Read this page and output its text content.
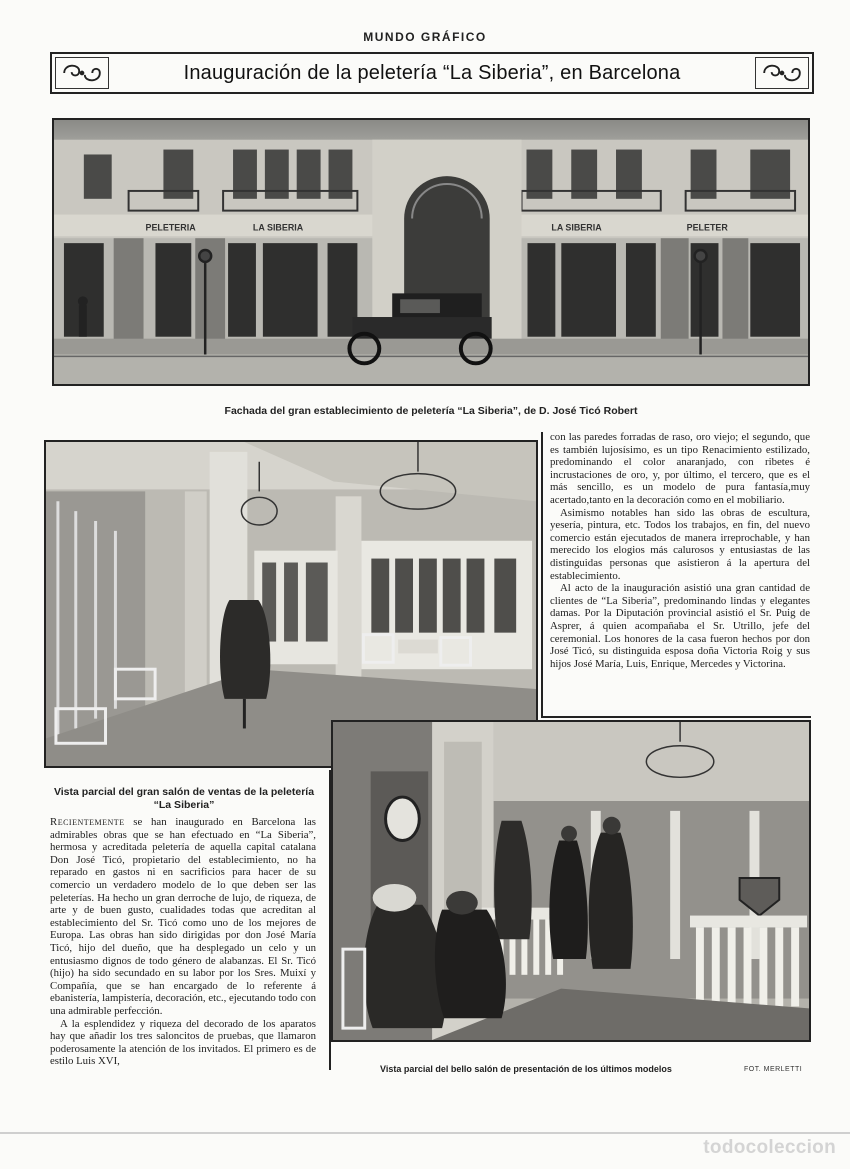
MUNDO GRÁFICO
Inauguración de la peletería “La Siberia”, en Barcelona
PELETERIA	LA SIBERIA	LA SIBERIA	PELETER
Fachada del gran establecimiento de peletería “La Siberia”, de D. José Ticó Robert

con las paredes forradas de raso, oro viejo; el segundo, que es también lujosísimo, es un tipo Renacimiento estilizado, predominando el color anaranjado, con ribetes é incrustaciones de oro, y, por último, el tercero, que es el más sencillo, es un modelo de pura fantasía,muy acertado,tanto en la decoración como en el mobiliario.

Asimismo notables han sido las obras de escultura, yesería, pintura, etc. Todos los trabajos, en fin, del nuevo comercio están ejecutados de manera irreprochable, y han merecido los elogios más calurosos y entusiastas de las distinguidas personas que asistieron á la apertura del establecimiento.

Al acto de la inauguración asistió una gran cantidad de clientes de “La Siberia”, predominando lindas y elegantes damas. Por la Diputación provincial asistió el Sr. Puig de Asprer, á quien acompañaba el Sr. Utrillo, jefe del ceremonial. Los honores de la casa fueron hechos por don José Ticó, su distinguida esposa doña Victoria Roig y sus hijos José María, Luis, Enrique, Mercedes y Victorina.

Vista parcial del gran salón de ventas de la peletería
“La Siberia”

Recientemente se han inaugurado en Barcelona las admirables obras que se han efectuado en “La Siberia”, hermosa y acreditada peletería de aquella capital catalana Don José Ticó, propietario del establecimiento, no ha reparado en gastos ni en sacrificios para hacer de su comercio un verdadero modelo de lo que deben ser las peleterías. Ha hecho un gran derroche de lujo, de riqueza, de arte y de buen gusto, cualidades todas que acreditan al establecimiento del Sr. Ticó como uno de los mejores de Europa. Las obras han sido dirigidas por don José María Ticó, hijo del dueño, que ha desplegado un celo y un entusiasmo dignos de todo género de alabanzas. El Sr. Ticó (hijo) ha sido secundado en su labor por los Sres. Muixí y Compañía, que se han encargado de lo referente á ebanistería, lampistería, decoración, etc., ejecutando todo con una admirable perfección.

A la esplendidez y riqueza del decorado de los aparatos hay que añadir los tres saloncitos de pruebas, que llamaron poderosamente la atención de los invitados. El primero es de estilo Luis XVI,

Vista parcial del bello salón de presentación de los últimos modelos	FOT. MERLETTI
todocoleccion
